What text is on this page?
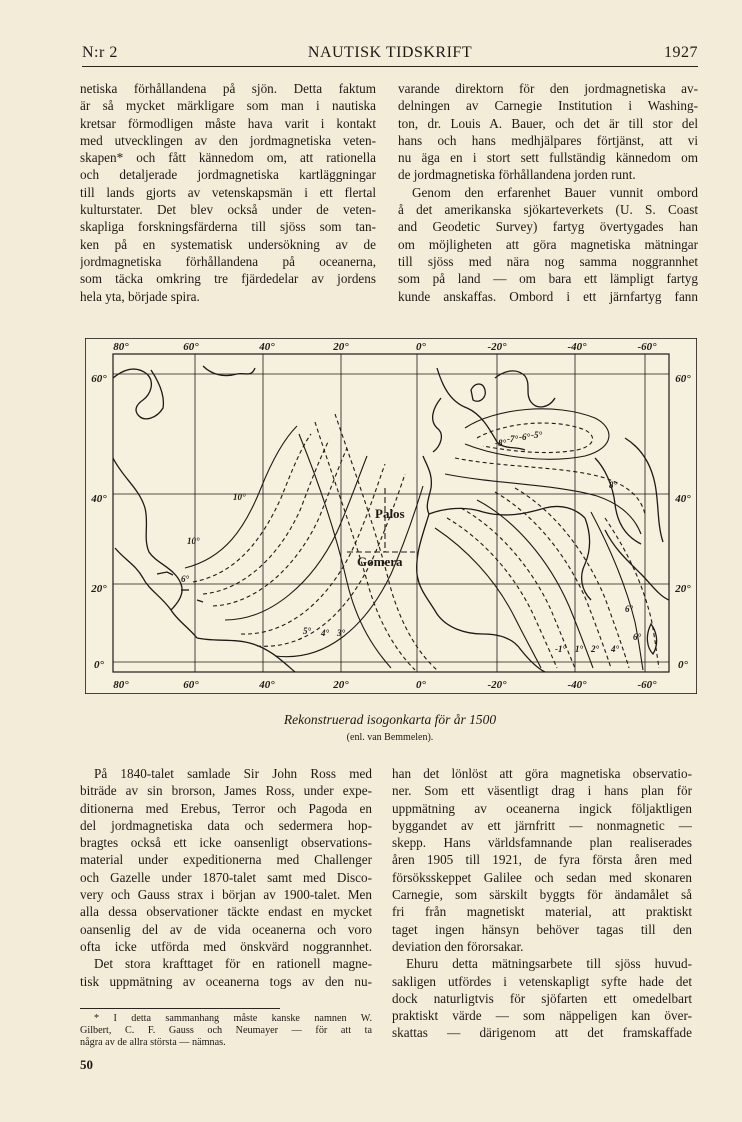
N:r 2	NAUTISK TIDSKRIFT	1927
netiska förhållandena på sjön. Detta faktum
är så mycket märkligare som man i nautiska
kretsar förmodligen måste hava varit i kontakt
med utvecklingen av den jordmagnetiska veten-
skapen* och fått kännedom om, att rationella
och detaljerade jordmagnetiska kartläggningar
till lands gjorts av vetenskapsmän i ett flertal
kulturstater. Det blev också under de veten-
skapliga forskningsfärderna till sjöss som tan-
ken på en systematisk undersökning av de
jordmagnetiska förhållandena på oceanerna,
som täcka omkring tre fjärdedelar av jordens
hela yta, började spira.
varande direktorn för den jordmagnetiska av-
delningen av Carnegie Institution i Washing-
ton, dr. Louis A. Bauer, och det är till stor del
hans och hans medhjälpares förtjänst, att vi
nu äga en i stort sett fullständig kännedom om
de jordmagnetiska förhållandena jorden runt.
Genom den erfarenhet Bauer vunnit ombord
å det amerikanska sjökarteverkets (U. S. Coast
and Geodetic Survey) fartyg övertygades han
om möjligheten att göra magnetiska mätningar
till sjöss med nära nog samma noggrannhet
som på land — om bara ett lämpligt fartyg
kunde anskaffas. Ombord i ett järnfartyg fann
80°	60°	40°	20°	0°	-20°	-40°	-60°
80°	60°	40°	20°	0°	-20°	-40°	-60°
60°
40°
20°
0°
60°
40°
20°
0°
Palos
Gomera
10°
10°
6°
5° 4° 3°
-8° -7° -6° -5°
-1° 1° 2° 4°
6°
6°
8°
Rekonstruerad isogonkarta för år 1500
(enl. van Bemmelen).
På 1840-talet samlade Sir John Ross med
biträde av sin brorson, James Ross, under expe-
ditionerna med Erebus, Terror och Pagoda en
del jordmagnetiska data och sedermera hop-
bragtes också ett icke oansenligt observations-
material under expeditionerna med Challenger
och Gazelle under 1870-talet samt med Disco-
very och Gauss strax i början av 1900-talet. Men
alla dessa observationer täckte endast en mycket
oansenlig del av de vida oceanerna och voro
ofta icke utförda med önskvärd noggrannhet.
Det stora krafttaget för en rationell magne-
tisk uppmätning av oceanerna togs av den nu-
han det lönlöst att göra magnetiska observatio-
ner. Som ett väsentligt drag i hans plan för
uppmätning av oceanerna ingick följaktligen
byggandet av ett järnfritt — nonmagnetic —
skepp. Hans världsfamnande plan realiserades
åren 1905 till 1921, de fyra första åren med
försöksskeppet Galilee och sedan med skonaren
Carnegie, som särskilt byggts för ändamålet så
fri från magnetiskt material, att praktiskt
taget ingen hänsyn behöver tagas till den
deviation den förorsakar.
Ehuru detta mätningsarbete till sjöss huvud-
sakligen utfördes i vetenskapligt syfte hade det
dock naturligtvis för sjöfarten ett omedelbart
praktiskt värde — som näppeligen kan över-
skattas — därigenom att det framskaffade
* I detta sammanhang måste kanske namnen W.
Gilbert, C. F. Gauss och Neumayer — för att ta
några av de allra största — nämnas.
50
